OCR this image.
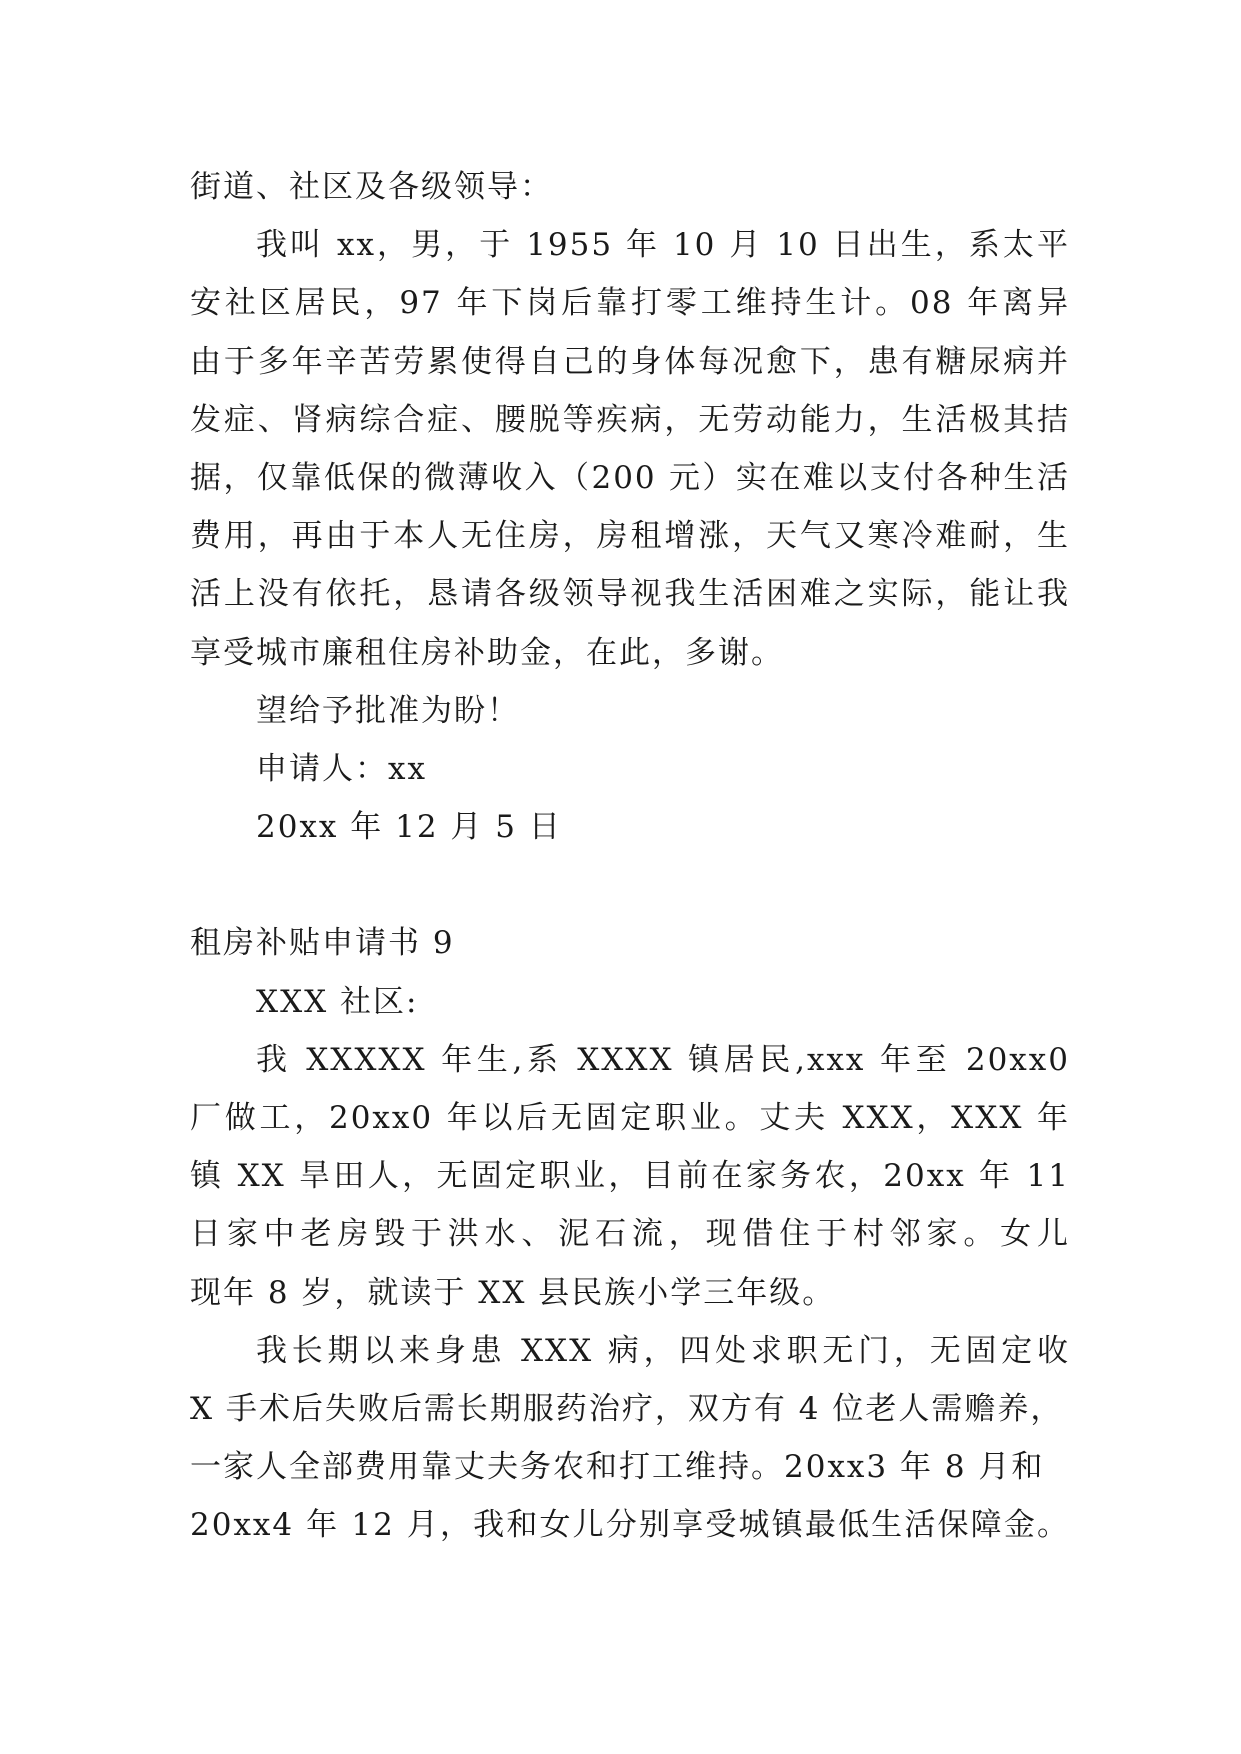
街道、社区及各级领导：
我叫 xx，男，于 1955 年 10 月 10 日出生，系太平
安社区居民，97 年下岗后靠打零工维持生计。08 年离异
由于多年辛苦劳累使得自己的身体每况愈下，患有糖尿病并
发症、肾病综合症、腰脱等疾病，无劳动能力，生活极其拮
据，仅靠低保的微薄收入（200 元）实在难以支付各种生活
费用，再由于本人无住房，房租增涨，天气又寒冷难耐，生
活上没有依托，恳请各级领导视我生活困难之实际，能让我
享受城市廉租住房补助金，在此，多谢。
望给予批准为盼！
申请人：xx
20xx 年 12 月 5 日
租房补贴申请书 9
XXX 社区:
我 XXXXX 年生,系 XXXX 镇居民,xxx 年至 20xx0
厂做工，20xx0 年以后无固定职业。丈夫 XXX，XXX 年
镇 XX 旱田人，无固定职业，目前在家务农，20xx 年 11
日家中老房毁于洪水、泥石流，现借住于村邻家。女儿
现年 8 岁，就读于 XX 县民族小学三年级。
我长期以来身患 XXX 病，四处求职无门，无固定收
X 手术后失败后需长期服药治疗，双方有 4 位老人需赡养，
一家人全部费用靠丈夫务农和打工维持。20xx3 年 8 月和
20xx4 年 12 月，我和女儿分别享受城镇最低生活保障金。
